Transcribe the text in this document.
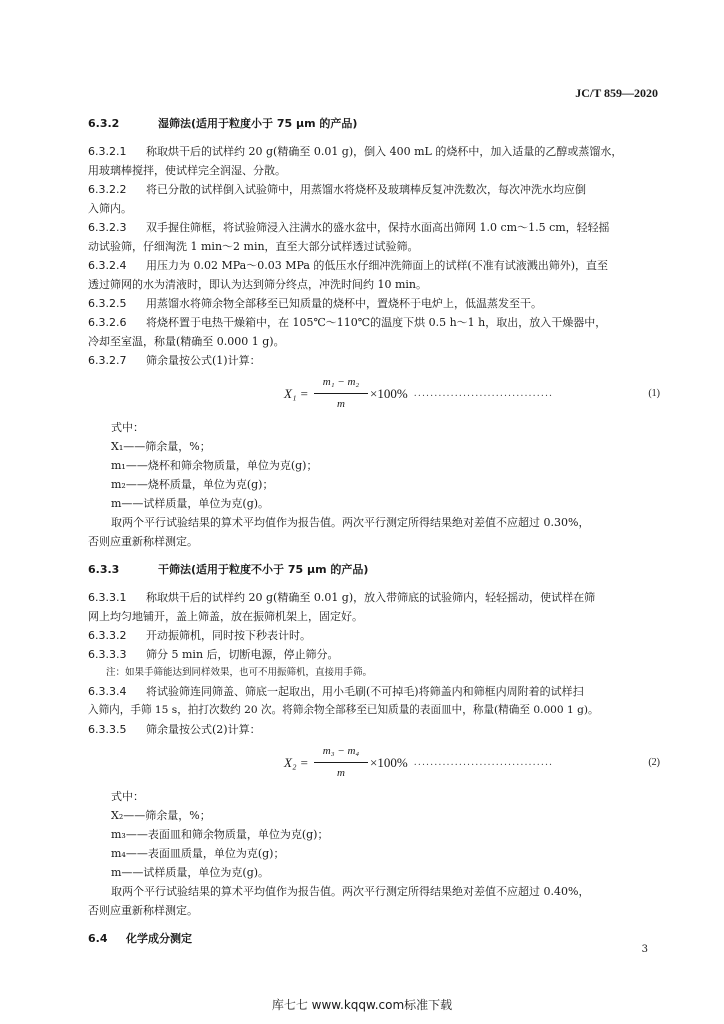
JC/T 859—2020
6.3.2	湿筛法(适用于粒度小于 75 μm 的产品)

6.3.2.1 称取烘干后的试样约 20 g(精确至 0.01 g)，倒入 400 mL 的烧杯中，加入适量的乙醇或蒸馏水，

用玻璃棒搅拌，使试样完全润湿、分散。

6.3.2.2 将已分散的试样倒入试验筛中，用蒸馏水将烧杯及玻璃棒反复冲洗数次，每次冲洗水均应倒

入筛内。

6.3.2.3 双手握住筛框，将试验筛浸入注满水的盛水盆中，保持水面高出筛网 1.0 cm～1.5 cm，轻轻摇

动试验筛，仔细淘洗 1 min～2 min，直至大部分试样透过试验筛。

6.3.2.4 用压力为 0.02 MPa～0.03 MPa 的低压水仔细冲洗筛面上的试样(不准有试液溅出筛外)，直至

透过筛网的水为清液时，即认为达到筛分终点，冲洗时间约 10 min。

6.3.2.5 用蒸馏水将筛余物全部移至已知质量的烧杯中，置烧杯于电炉上，低温蒸发至干。

6.3.2.6 将烧杯置于电热干燥箱中，在 105℃～110℃的温度下烘 0.5 h～1 h，取出，放入干燥器中，

冷却至室温，称量(精确至 0.000 1 g)。

6.3.2.7 筛余量按公式(1)计算：

$X_1 = \frac{\text{m₁ − m₂}}{m} \times 100\%$ ..................................	(1)

式中：

X₁——筛余量，%；

m₁——烧杯和筛余物质量，单位为克(g)；

m₂——烧杯质量，单位为克(g)；

m——试样质量，单位为克(g)。

取两个平行试验结果的算术平均值作为报告值。两次平行测定所得结果绝对差值不应超过 0.30%，

否则应重新称样测定。

6.3.3	干筛法(适用于粒度不小于 75 μm 的产品)

6.3.3.1 称取烘干后的试样约 20 g(精确至 0.01 g)，放入带筛底的试验筛内，轻轻摇动，使试样在筛

网上均匀地铺开，盖上筛盖，放在振筛机架上，固定好。

6.3.3.2 开动振筛机，同时按下秒表计时。

6.3.3.3 筛分 5 min 后，切断电源，停止筛分。

注：如果手筛能达到同样效果，也可不用振筛机，直接用手筛。

6.3.3.4 将试验筛连同筛盖、筛底一起取出，用小毛刷(不可掉毛)将筛盖内和筛框内周附着的试样扫

入筛内，手筛 15 s，拍打次数约 20 次。将筛余物全部移至已知质量的表面皿中，称量(精确至 0.000 1 g)。

6.3.3.5 筛余量按公式(2)计算：

$X_2 = \frac{\text{m₃ − m₄}}{m} \times 100\%$ ..................................	(2)

式中：

X₂——筛余量，%；

m₃——表面皿和筛余物质量，单位为克(g)；

m₄——表面皿质量，单位为克(g)；

m——试样质量，单位为克(g)。

取两个平行试验结果的算术平均值作为报告值。两次平行测定所得结果绝对差值不应超过 0.40%，

否则应重新称样测定。

6.4 化学成分测定
3
库七七 www.kqqw.com标准下载
